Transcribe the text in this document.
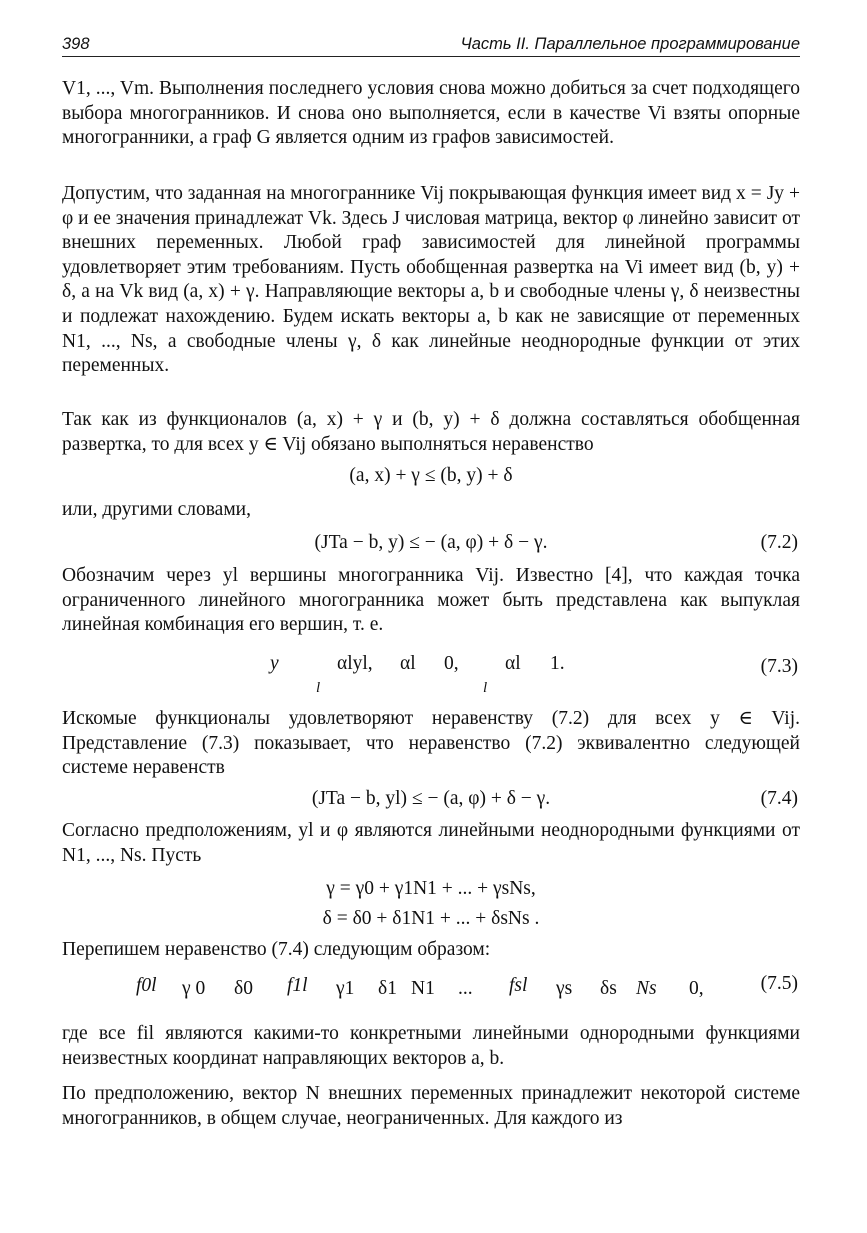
398	Часть II. Параллельное программирование
V1, ..., Vm. Выполнения последнего условия снова можно добиться за счет подходящего выбора многогранников. И снова оно выполняется, если в качестве Vi взяты опорные многогранники, а граф G является одним из графов зависимостей.
Допустим, что заданная на многограннике Vij покрывающая функция имеет вид x = Jy + φ и ее значения принадлежат Vk. Здесь J числовая матрица, вектор φ линейно зависит от внешних переменных. Любой граф зависимостей для линейной программы удовлетворяет этим требованиям. Пусть обобщенная развертка на Vi имеет вид (b, y) + δ, а на Vk вид (a, x) + γ. Направляющие векторы a, b и свободные члены γ, δ неизвестны и подлежат нахождению. Будем искать векторы a, b как не зависящие от переменных N1, ..., Ns, а свободные члены γ, δ как линейные неоднородные функции от этих переменных.
Так как из функционалов (a, x) + γ и (b, y) + δ должна составляться обобщенная развертка, то для всех y ∈ Vij обязано выполняться неравенство
(a, x) + γ ≤ (b, y) + δ
или, другими словами,
(JTa − b, y) ≤ − (a, φ) + δ − γ.	(7.2)
Обозначим через yl вершины многогранника Vij. Известно [4], что каждая точка ограниченного линейного многогранника может быть представлена как выпуклая линейная комбинация его вершин, т. е.
y	αlyl, αl 0, αl 1.
l	l
(7.3)
Искомые функционалы удовлетворяют неравенству (7.2) для всех y ∈ Vij. Представление (7.3) показывает, что неравенство (7.2) эквивалентно следующей системе неравенств
(JTa − b, yl) ≤ − (a, φ) + δ − γ.	(7.4)
Согласно предположениям, yl и φ являются линейными неоднородными функциями от N1, ..., Ns. Пусть
γ = γ0 + γ1N1 + ... + γsNs,
δ = δ0 + δ1N1 + ... + δsNs .
Перепишем неравенство (7.4) следующим образом:
f0l γ 0 δ0 f1l γ1 δ1 N1 ... fsl γs δs Ns 0,	(7.5)
где все fil являются какими-то конкретными линейными однородными функциями неизвестных координат направляющих векторов a, b.
По предположению, вектор N внешних переменных принадлежит некоторой системе многогранников, в общем случае, неограниченных. Для каждого из
